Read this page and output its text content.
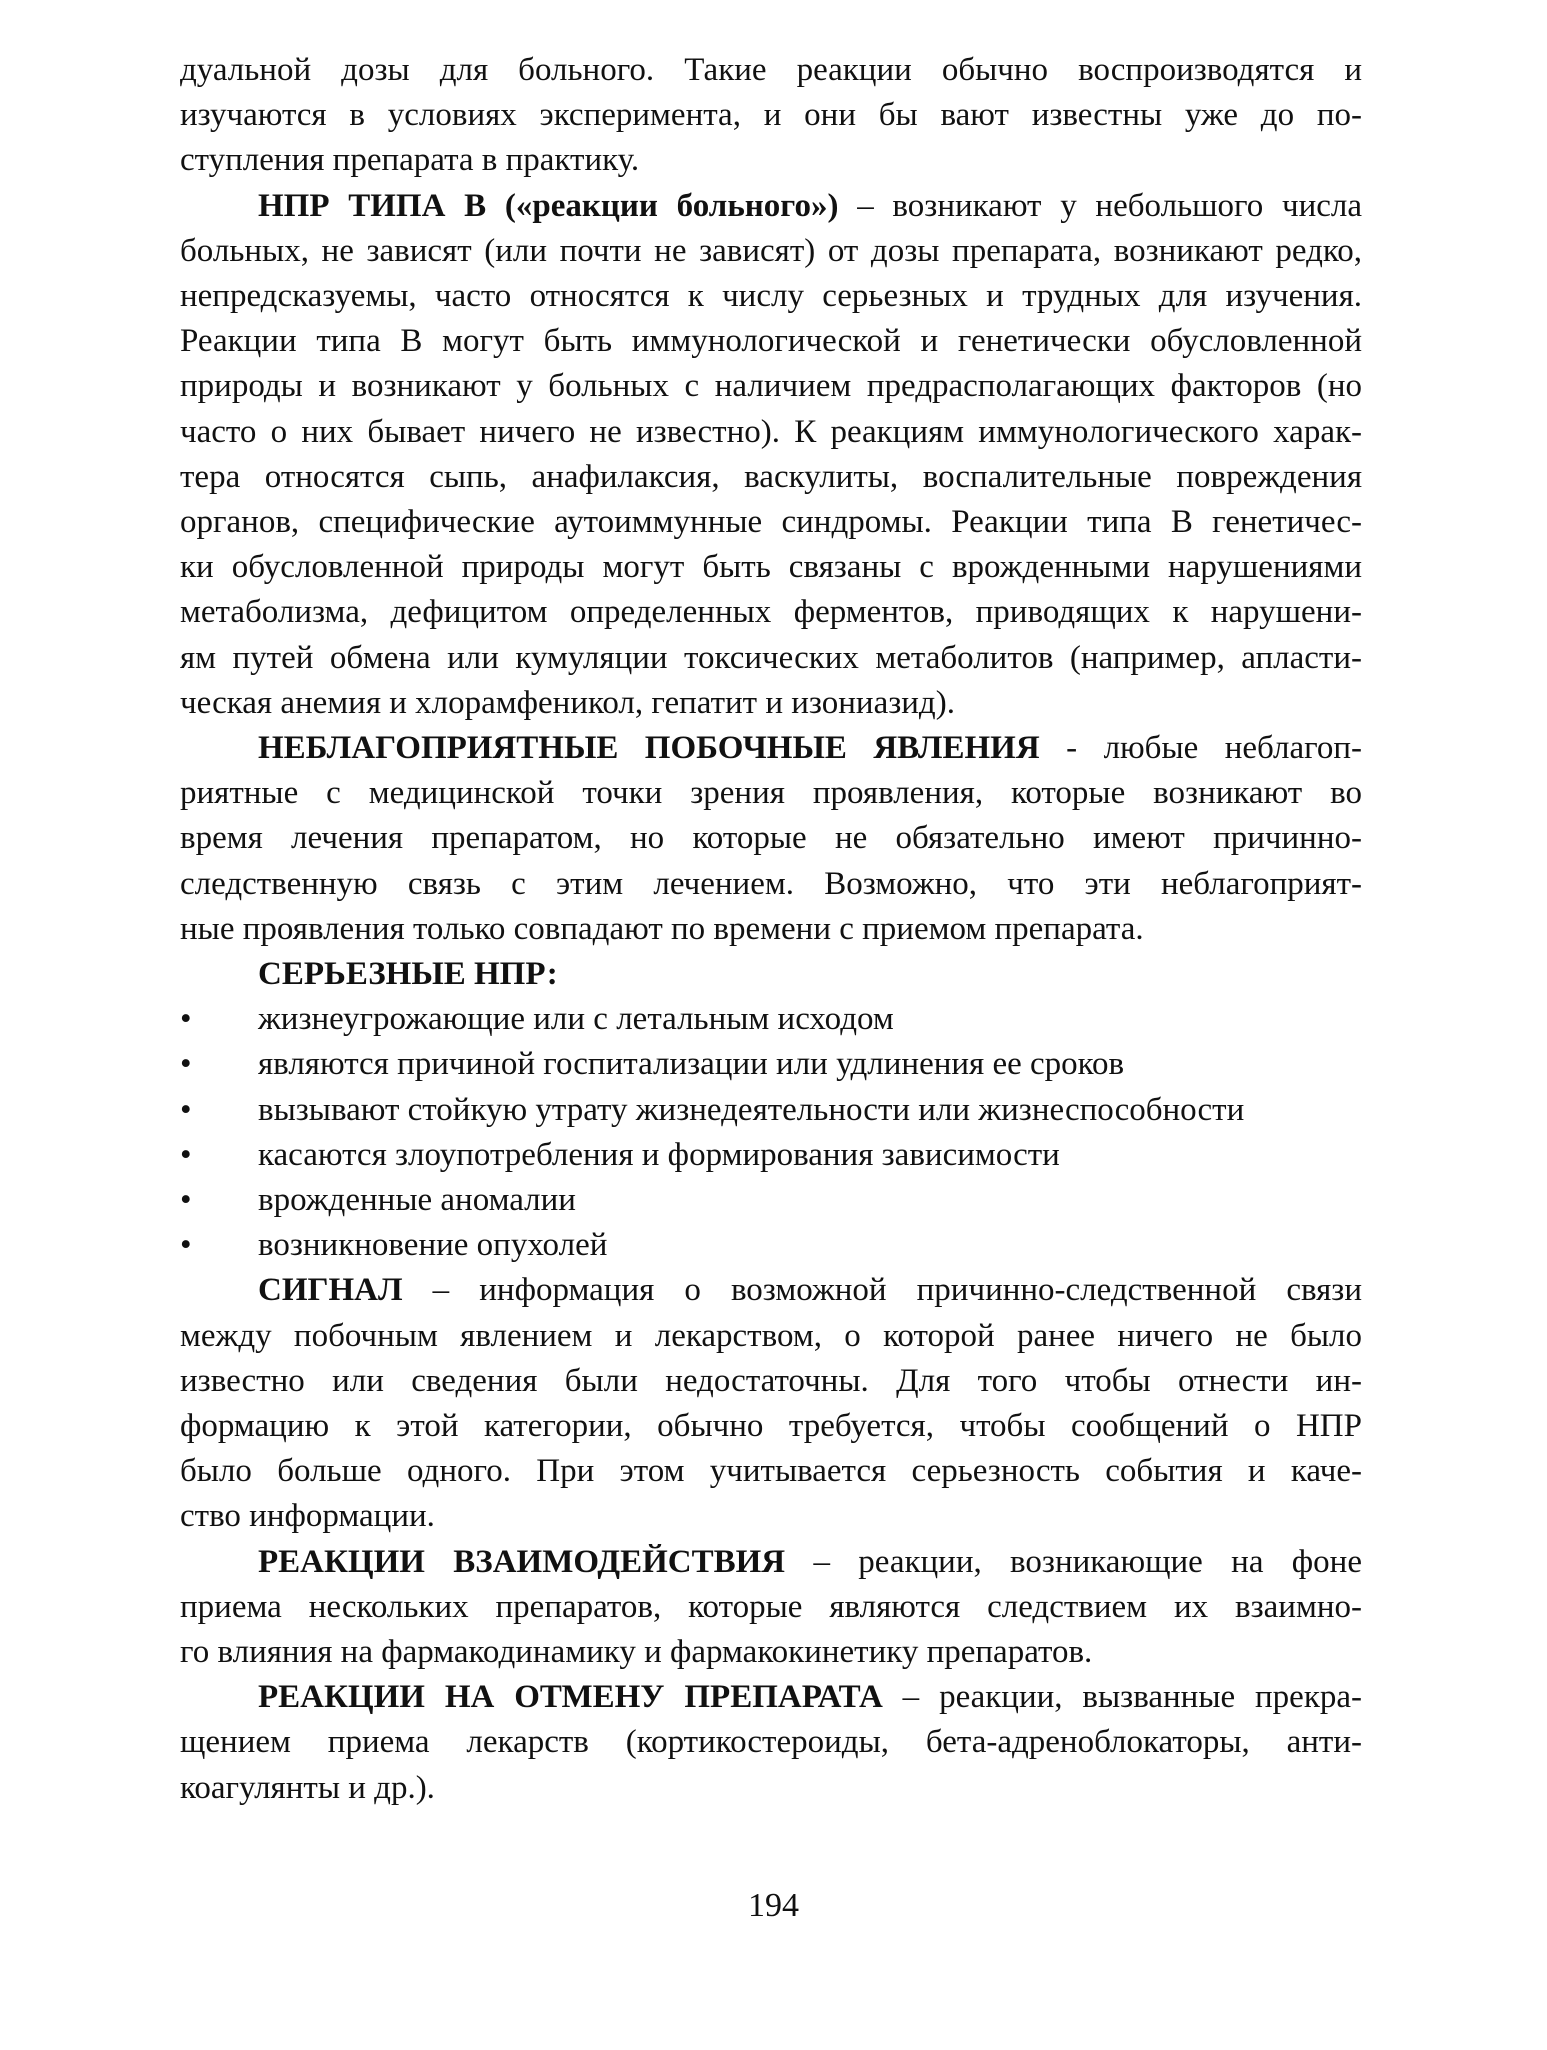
дуальной дозы для больного. Такие реакции обычно воспроизводятся и
изучаются в условиях эксперимента, и они бы вают известны уже до по-
ступления препарата в практику.
НПР ТИПА В («реакции больного») – возникают у небольшого числа
больных, не зависят (или почти не зависят) от дозы препарата, возникают редко,
непредсказуемы, часто относятся к числу серьезных и трудных для изучения.
Реакции типа В могут быть иммунологической и генетически обусловленной
природы и возникают у больных с наличием предрасполагающих факторов (но
часто о них бывает ничего не известно). К реакциям иммунологического харак-
тера относятся сыпь, анафилаксия, васкулиты, воспалительные повреждения
органов, специфические аутоиммунные синдромы. Реакции типа В генетичес-
ки обусловленной природы могут быть связаны с врожденными нарушениями
метаболизма, дефицитом определенных ферментов, приводящих к нарушени-
ям путей обмена или кумуляции токсических метаболитов (например, апласти-
ческая анемия и хлорамфеникол, гепатит и изониазид).
НЕБЛАГОПРИЯТНЫЕ ПОБОЧНЫЕ ЯВЛЕНИЯ - любые неблагоп-
риятные с медицинской точки зрения проявления, которые возникают во
время лечения препаратом, но которые не обязательно имеют причинно-
следственную связь с этим лечением. Возможно, что эти неблагоприят-
ные проявления только совпадают по времени с приемом препарата.
СЕРЬЕЗНЫЕ НПР:
• жизнеугрожающие или с летальным исходом
• являются причиной госпитализации или удлинения ее сроков
• вызывают стойкую утрату жизнедеятельности или жизнеспособности
• касаются злоупотребления и формирования зависимости
• врожденные аномалии
• возникновение опухолей
СИГНАЛ – информация о возможной причинно-следственной связи
между побочным явлением и лекарством, о которой ранее ничего не было
известно или сведения были недостаточны. Для того чтобы отнести ин-
формацию к этой категории, обычно требуется, чтобы сообщений о НПР
было больше одного. При этом учитывается серьезность события и каче-
ство информации.
РЕАКЦИИ ВЗАИМОДЕЙСТВИЯ – реакции, возникающие на фоне
приема нескольких препаратов, которые являются следствием их взаимно-
го влияния на фармакодинамику и фармакокинетику препаратов.
РЕАКЦИИ НА ОТМЕНУ ПРЕПАРАТА – реакции, вызванные прекра-
щением приема лекарств (кортикостероиды, бета-адреноблокаторы, анти-
коагулянты и др.).
194
